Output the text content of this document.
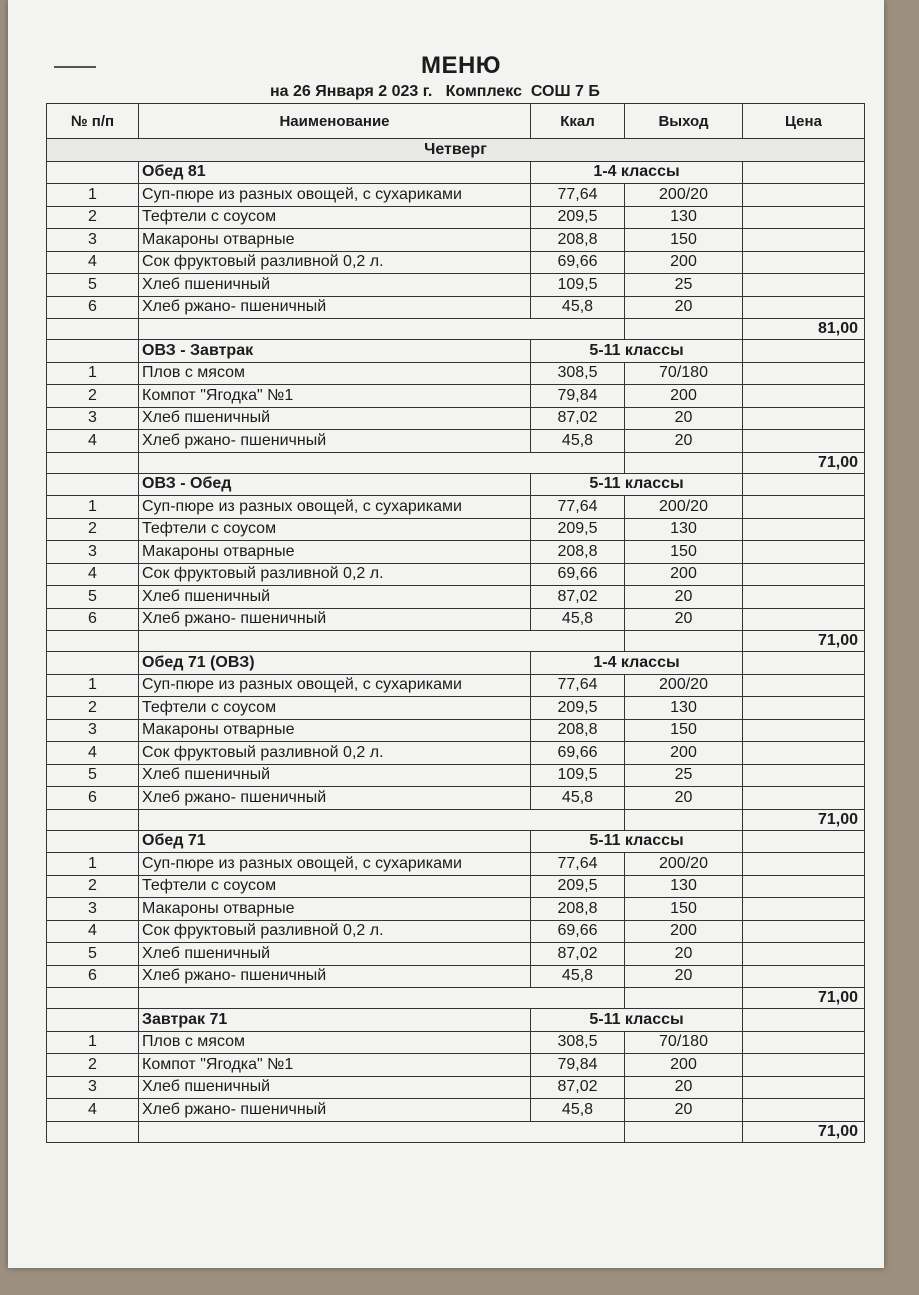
МЕНЮ
на 26 Января 2 023 г.   Комплекс  СОШ 7 Б
№ п/п	Наименование	Ккал	Выход	Цена
Четверг				
	Обед 81	1-4 классы		
1	Суп-пюре из разных овощей, с сухариками	77,64	200/20	
2	Тефтели с соусом	209,5	130	
3	Макароны отварные	208,8	150	
4	Сок фруктовый разливной 0,2 л.	69,66	200	
5	Хлеб пшеничный	109,5	25	
6	Хлеб ржано- пшеничный	45,8	20	
				81,00
	ОВЗ - Завтрак	5-11 классы		
1	Плов с мясом	308,5	70/180	
2	Компот "Ягодка" №1	79,84	200	
3	Хлеб пшеничный	87,02	20	
4	Хлеб ржано- пшеничный	45,8	20	
				71,00
	ОВЗ - Обед	5-11 классы		
1	Суп-пюре из разных овощей, с сухариками	77,64	200/20	
2	Тефтели с соусом	209,5	130	
3	Макароны отварные	208,8	150	
4	Сок фруктовый разливной 0,2 л.	69,66	200	
5	Хлеб пшеничный	87,02	20	
6	Хлеб ржано- пшеничный	45,8	20	
				71,00
	Обед 71 (ОВЗ)	1-4 классы		
1	Суп-пюре из разных овощей, с сухариками	77,64	200/20	
2	Тефтели с соусом	209,5	130	
3	Макароны отварные	208,8	150	
4	Сок фруктовый разливной 0,2 л.	69,66	200	
5	Хлеб пшеничный	109,5	25	
6	Хлеб ржано- пшеничный	45,8	20	
				71,00
	Обед 71	5-11 классы		
1	Суп-пюре из разных овощей, с сухариками	77,64	200/20	
2	Тефтели с соусом	209,5	130	
3	Макароны отварные	208,8	150	
4	Сок фруктовый разливной 0,2 л.	69,66	200	
5	Хлеб пшеничный	87,02	20	
6	Хлеб ржано- пшеничный	45,8	20	
				71,00
	Завтрак 71	5-11 классы		
1	Плов с мясом	308,5	70/180	
2	Компот "Ягодка" №1	79,84	200	
3	Хлеб пшеничный	87,02	20	
4	Хлеб ржано- пшеничный	45,8	20	
				71,00
